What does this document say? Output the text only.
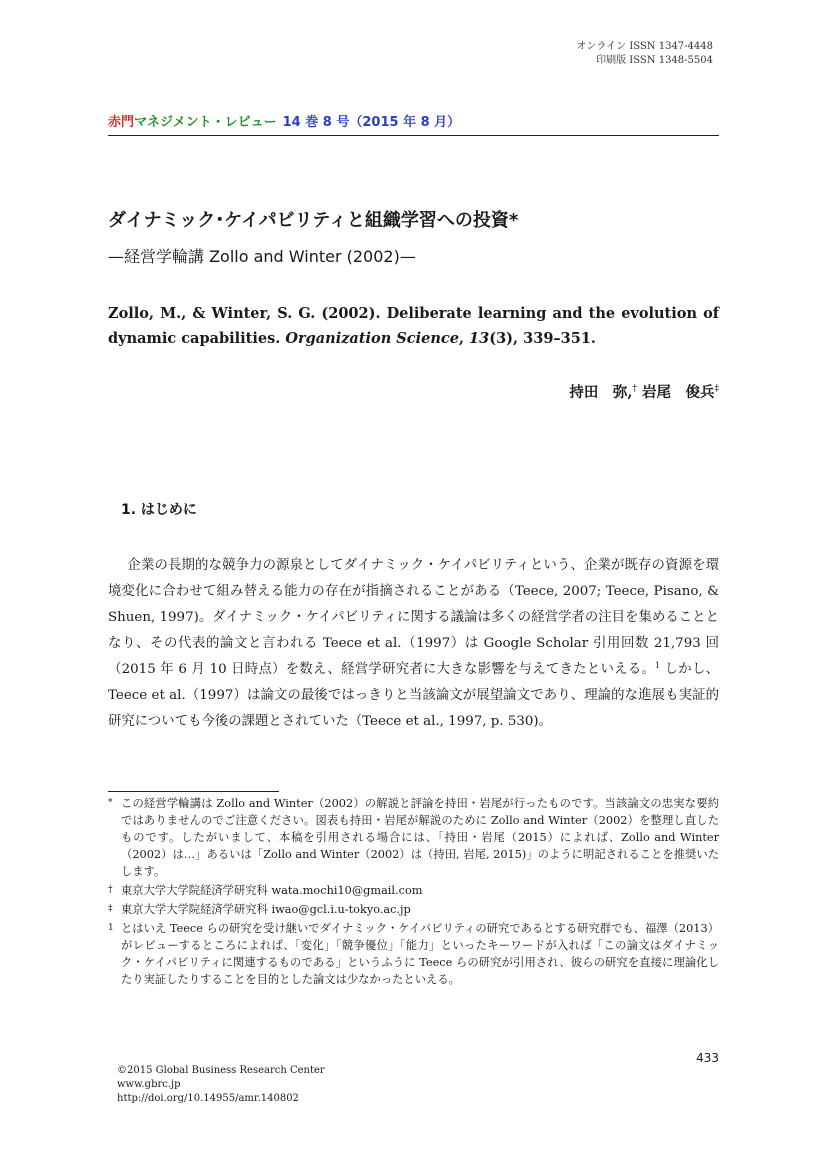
オンライン ISSN 1347-4448
印刷版 ISSN 1348-5504
赤門マネジメント・レビュー 14 巻 8 号（2015 年 8 月）
ダイナミック･ケイパビリティと組織学習への投資*
—経営学輪講 Zollo and Winter (2002)—
Zollo, M., & Winter, S. G. (2002). Deliberate learning and the evolution of dynamic capabilities. Organization Science, 13(3), 339–351.
持田　弥,† 岩尾　俊兵‡
1. はじめに

企業の長期的な競争力の源泉としてダイナミック・ケイパビリティという、企業が既存の資源を環境変化に合わせて組み替える能力の存在が指摘されることがある（Teece, 2007; Teece, Pisano, & Shuen, 1997)。ダイナミック・ケイパビリティに関する議論は多くの経営学者の注目を集めることとなり、その代表的論文と言われる Teece et al.（1997）は Google Scholar 引用回数 21,793 回（2015 年 6 月 10 日時点）を数え、経営学研究者に大きな影響を与えてきたといえる。$^1$ しかし、Teece et al.（1997）は論文の最後ではっきりと当該論文が展望論文であり、理論的な進展も実証的研究についても今後の課題とされていた（Teece et al., 1997, p. 530)。

* この経営学輪講は Zollo and Winter（2002）の解説と評論を持田・岩尾が行ったものです。当該論文の忠実な要約ではありませんのでご注意ください。図表も持田・岩尾が解説のために Zollo and Winter（2002）を整理し直したものです。したがいまして、本稿を引用される場合には、「持田・岩尾（2015）によれば、Zollo and Winter（2002）は…」あるいは「Zollo and Winter（2002）は（持田, 岩尾, 2015)」のように明記されることを推奨いたします。
† 東京大学大学院経済学研究科 wata.mochi10@gmail.com
‡ 東京大学大学院経済学研究科 iwao@gcl.i.u-tokyo.ac.jp
1 とはいえ Teece らの研究を受け継いでダイナミック・ケイパビリティの研究であるとする研究群でも、福澤（2013）がレビューするところによれば、「変化」「競争優位」「能力」といったキーワードが入れば「この論文はダイナミック・ケイパビリティに関連するものである」というふうに Teece らの研究が引用され、彼らの研究を直接に理論化したり実証したりすることを目的とした論文は少なかったといえる。
433
©2015 Global Business Research Center
www.gbrc.jp
http://doi.org/10.14955/amr.140802
